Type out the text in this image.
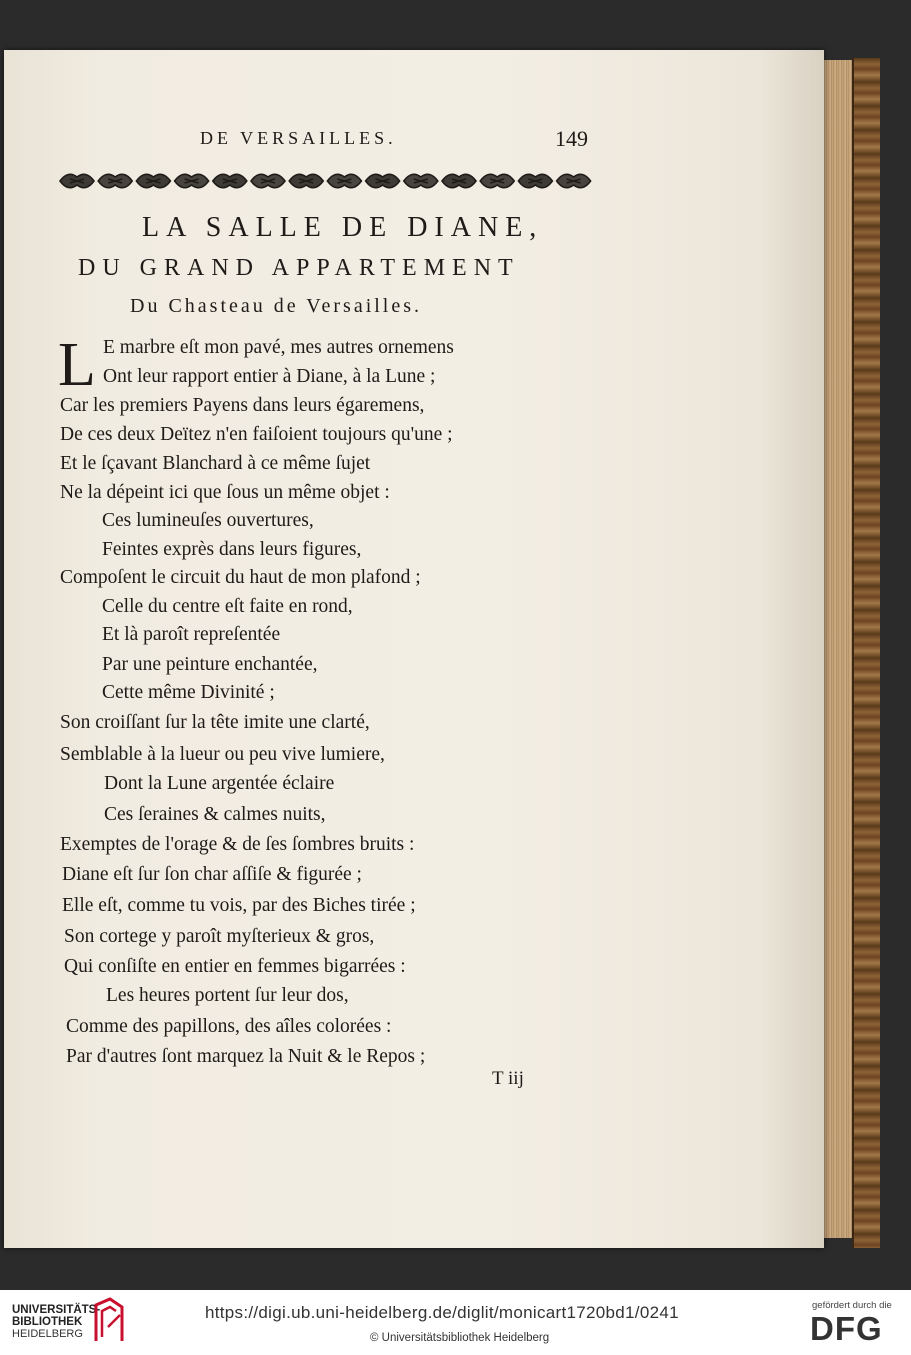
DE VERSAILLES.	149
LA SALLE DE DIANE,
DU GRAND APPARTEMENT
Du Chasteau de Versailles.
L E marbre eſt mon pavé, mes autres ornemens
Ont leur rapport entier à Diane, à la Lune ;
Car les premiers Payens dans leurs égaremens,
De ces deux Deïtez n'en faiſoient toujours qu'une ;
Et le ſçavant Blanchard à ce même ſujet
Ne la dépeint ici que ſous un même objet :
Ces lumineuſes ouvertures,
Feintes exprès dans leurs figures,
Compoſent le circuit du haut de mon plafond ;
Celle du centre eſt faite en rond,
Et là paroît repreſentée
Par une peinture enchantée,
Cette même Divinité ;
Son croiſſant ſur la tête imite une clarté,
Semblable à la lueur ou peu vive lumiere,
Dont la Lune argentée éclaire
Ces ſeraines & calmes nuits,
Exemptes de l'orage & de ſes ſombres bruits :
Diane eſt ſur ſon char aſſiſe & figurée ;
Elle eſt, comme tu vois, par des Biches tirée ;
Son cortege y paroît myſterieux & gros,
Qui conſiſte en entier en femmes bigarrées :
Les heures portent ſur leur dos,
Comme des papillons, des aîles colorées :
Par d'autres ſont marquez la Nuit & le Repos ;
T iij
UNIVERSITÄTS-
BIBLIOTHEK
HEIDELBERG
https://digi.ub.uni-heidelberg.de/diglit/monicart1720bd1/0241
© Universitätsbibliothek Heidelberg
gefördert durch die
DFG
